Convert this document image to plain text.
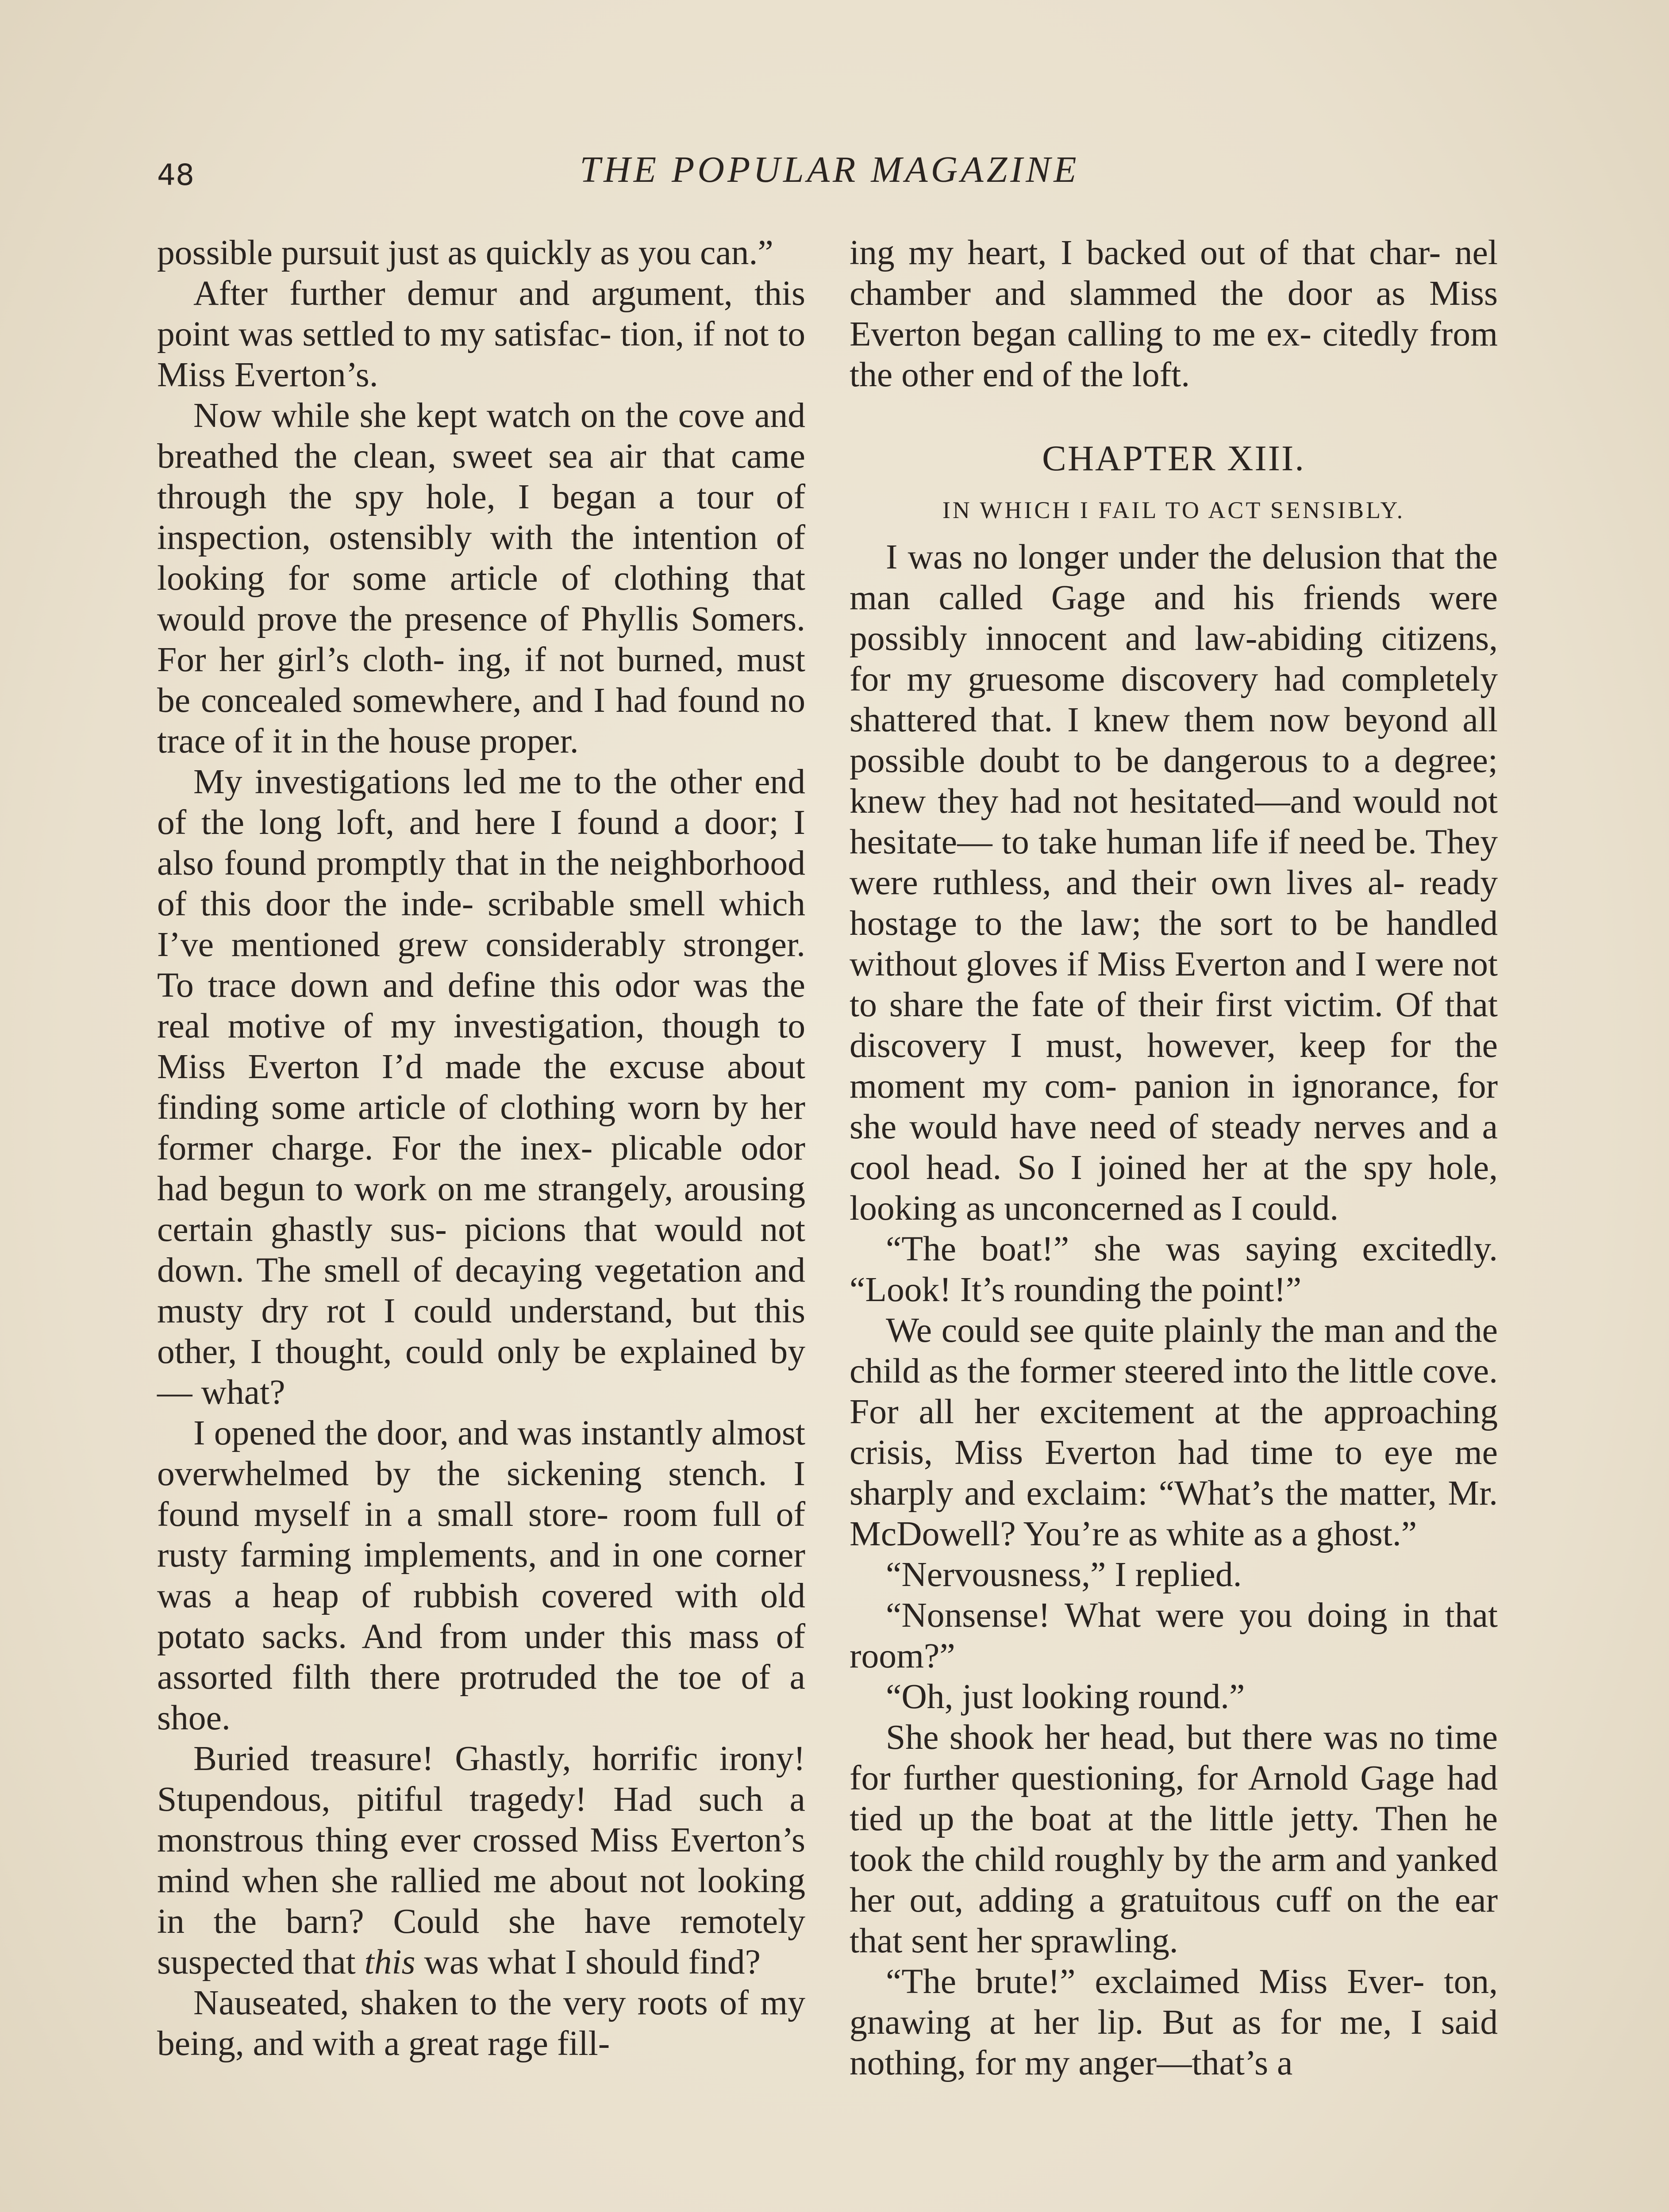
48	THE POPULAR MAGAZINE

possible pursuit just as quickly as you can.”

After further demur and argument, this point was settled to my satisfac- tion, if not to Miss Everton’s.

Now while she kept watch on the cove and breathed the clean, sweet sea air that came through the spy hole, I began a tour of inspection, ostensibly with the intention of looking for some article of clothing that would prove the presence of Phyllis Somers. For her girl’s cloth- ing, if not burned, must be concealed somewhere, and I had found no trace of it in the house proper.

My investigations led me to the other end of the long loft, and here I found a door; I also found promptly that in the neighborhood of this door the inde- scribable smell which I’ve mentioned grew considerably stronger. To trace down and define this odor was the real motive of my investigation, though to Miss Everton I’d made the excuse about finding some article of clothing worn by her former charge. For the inex- plicable odor had begun to work on me strangely, arousing certain ghastly sus- picions that would not down. The smell of decaying vegetation and musty dry rot I could understand, but this other, I thought, could only be explained by— what?

I opened the door, and was instantly almost overwhelmed by the sickening stench. I found myself in a small store- room full of rusty farming implements, and in one corner was a heap of rubbish covered with old potato sacks. And from under this mass of assorted filth there protruded the toe of a shoe.

Buried treasure! Ghastly, horrific irony! Stupendous, pitiful tragedy! Had such a monstrous thing ever crossed Miss Everton’s mind when she rallied me about not looking in the barn? Could she have remotely suspected that this was what I should find?

Nauseated, shaken to the very roots of my being, and with a great rage fill-

ing my heart, I backed out of that char- nel chamber and slammed the door as Miss Everton began calling to me ex- citedly from the other end of the loft.

CHAPTER XIII.
IN WHICH I FAIL TO ACT SENSIBLY.

I was no longer under the delusion that the man called Gage and his friends were possibly innocent and law-abiding citizens, for my gruesome discovery had completely shattered that. I knew them now beyond all possible doubt to be dangerous to a degree; knew they had not hesitated—and would not hesitate— to take human life if need be. They were ruthless, and their own lives al- ready hostage to the law; the sort to be handled without gloves if Miss Everton and I were not to share the fate of their first victim. Of that discovery I must, however, keep for the moment my com- panion in ignorance, for she would have need of steady nerves and a cool head. So I joined her at the spy hole, looking as unconcerned as I could.

“The boat!” she was saying excitedly. “Look! It’s rounding the point!”

We could see quite plainly the man and the child as the former steered into the little cove. For all her excitement at the approaching crisis, Miss Everton had time to eye me sharply and exclaim: “What’s the matter, Mr. McDowell? You’re as white as a ghost.”

“Nervousness,” I replied.

“Nonsense! What were you doing in that room?”

“Oh, just looking round.”

She shook her head, but there was no time for further questioning, for Arnold Gage had tied up the boat at the little jetty. Then he took the child roughly by the arm and yanked her out, adding a gratuitous cuff on the ear that sent her sprawling.

“The brute!” exclaimed Miss Ever- ton, gnawing at her lip. But as for me, I said nothing, for my anger—that’s a
